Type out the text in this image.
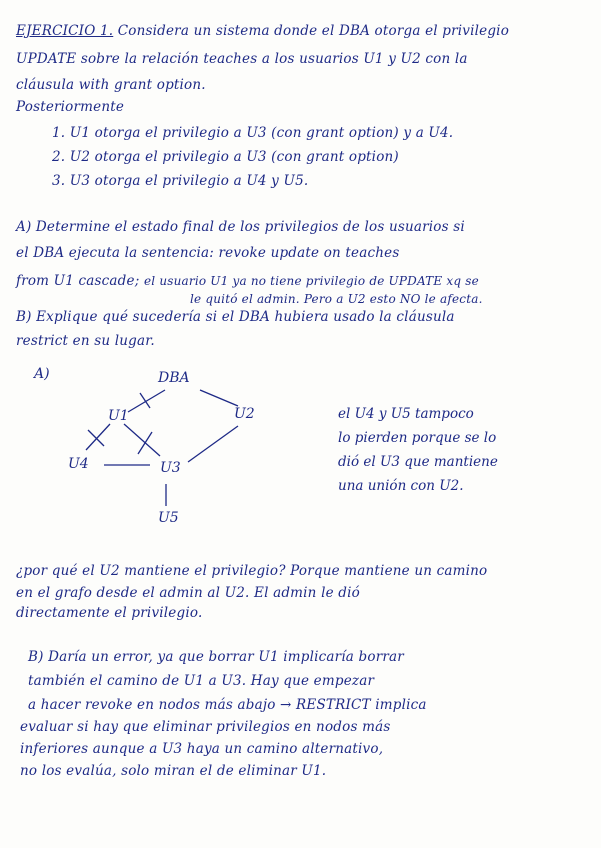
EJERCICIO 1. Considera un sistema donde el DBA otorga el privilegio
UPDATE sobre la relación teaches a los usuarios U1 y U2 con la
cláusula with grant option.
Posteriormente
1. U1 otorga el privilegio a U3 (con grant option) y a U4.
2. U2 otorga el privilegio a U3 (con grant option)
3. U3 otorga el privilegio a U4 y U5.
A) Determine el estado final de los privilegios de los usuarios si
el DBA ejecuta la sentencia: revoke update on teaches
from U1 cascade; el usuario U1 ya no tiene privilegio de UPDATE xq se
le quitó el admin. Pero a U2 esto NO le afecta.
B) Explique qué sucedería si el DBA hubiera usado la cláusula
restrict en su lugar.
A)	DBA
U1	U2
U3
U4
U5
el U4 y U5 tampoco
lo pierden porque se lo
dió el U3 que mantiene
una unión con U2.
¿por qué el U2 mantiene el privilegio? Porque mantiene un camino
en el grafo desde el admin al U2. El admin le dió
directamente el privilegio.
B) Daría un error, ya que borrar U1 implicaría borrar
también el camino de U1 a U3. Hay que empezar
a hacer revoke en nodos más abajo → RESTRICT implica
evaluar si hay que eliminar privilegios en nodos más
inferiores aunque a U3 haya un camino alternativo,
no los evalúa, solo miran el de eliminar U1.
